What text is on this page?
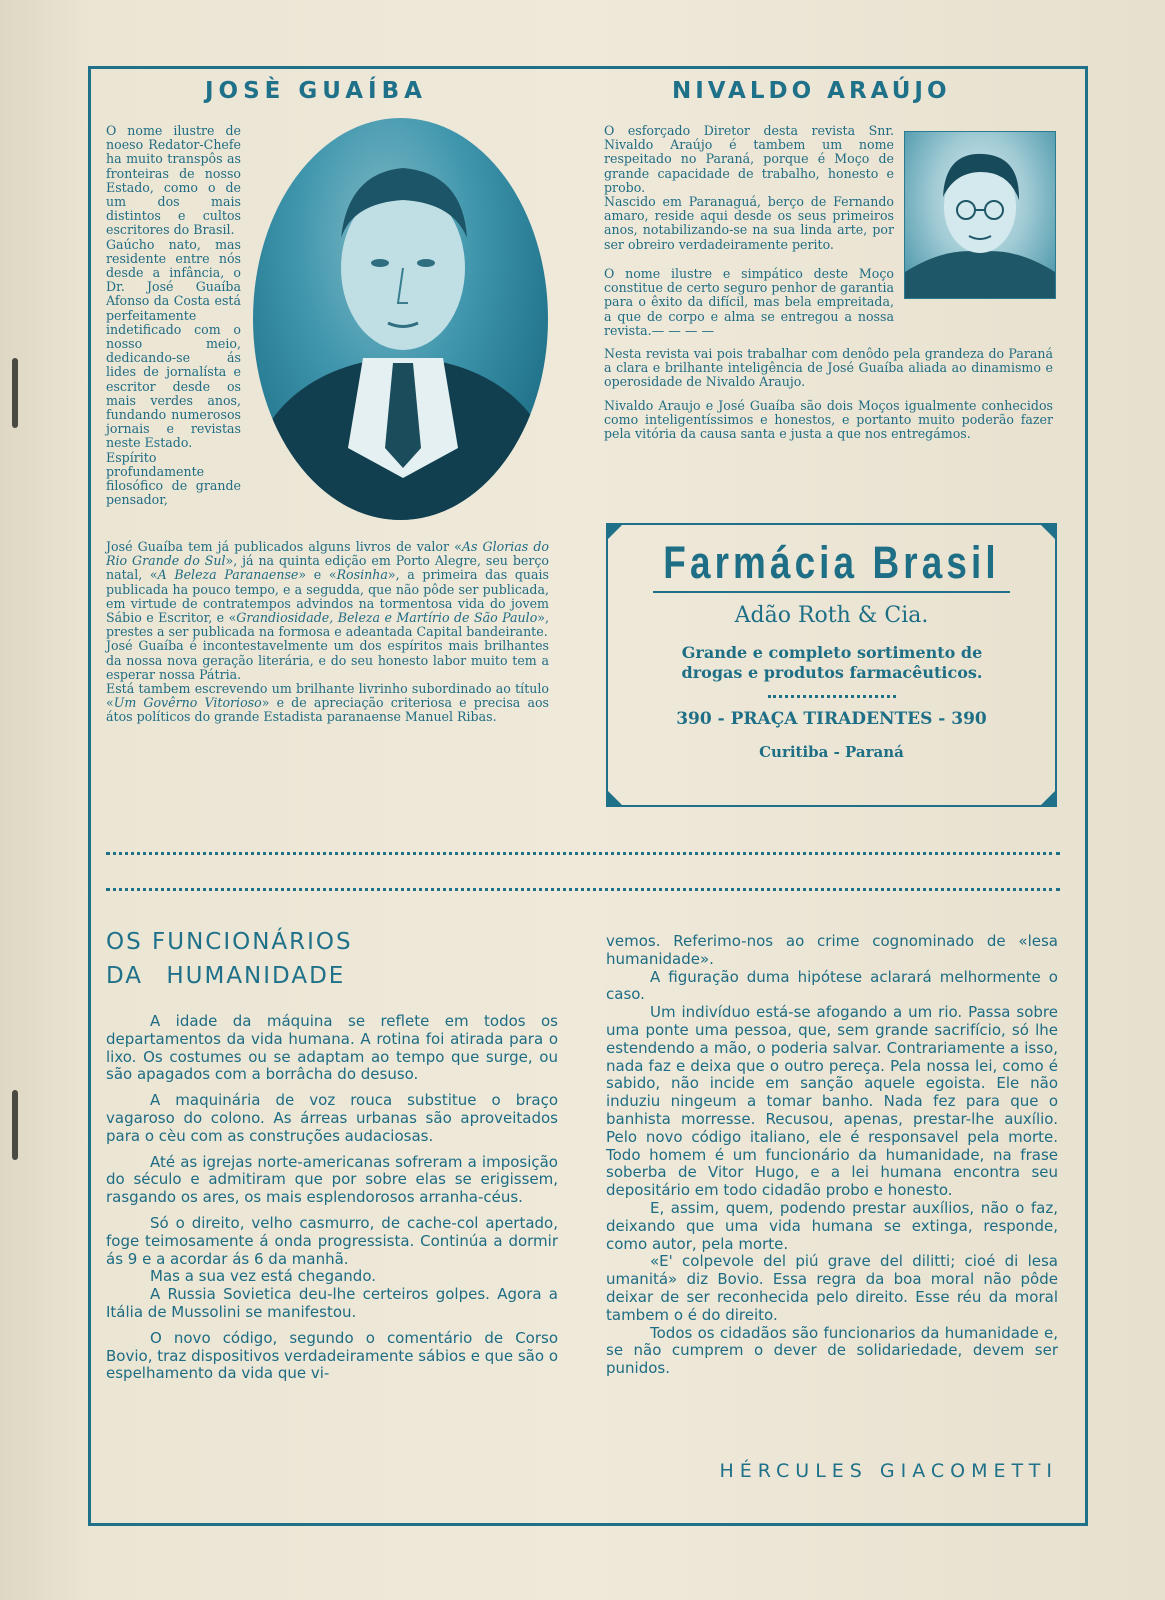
JOSÈ GUAÍBA

O nome ilustre de noeso Redator-Chefe ha muito transpôs as fronteiras de nosso Estado, como o de um dos mais distintos e cultos escritores do Brasil.

Gaúcho nato, mas residente entre nós desde a infância, o Dr. José Guaíba Afonso da Costa está perfeitamente indetificado com o nosso meio, dedicando-se ás lides de jornalísta e escritor desde os mais verdes anos, fundando numerosos jornais e revistas neste Estado.

Espírito profundamente filosófico de grande pensador,

José Guaíba tem já publicados alguns livros de valor «As Glorias do Rio Grande do Sul», já na quinta edição em Porto Alegre, seu berço natal, «A Beleza Paranaense» e «Rosinha», a primeira das quais publicada ha pouco tempo, e a segudda, que não pôde ser publicada, em virtude de contratempos advindos na tormentosa vida do jovem Sábio e Escritor, e «Grandiosidade, Beleza e Martírio de São Paulo», prestes a ser publicada na formosa e adeantada Capital bandeirante.

José Guaíba é incontestavelmente um dos espíritos mais brilhantes da nossa nova geração literária, e do seu honesto labor muito tem a esperar nossa Pátria.

Está tambem escrevendo um brilhante livrinho subordinado ao título «Um Govêrno Vitorioso» e de apreciação criteriosa e precisa aos átos políticos do grande Estadista paranaense Manuel Ribas.

NIVALDO ARAÚJO

O esforçado Diretor desta revista Snr. Nivaldo Araújo é tambem um nome respeitado no Paraná, porque é Moço de grande capacidade de trabalho, honesto e probo.

Nascido em Paranaguá, berço de Fernando amaro, reside aqui desde os seus primeiros anos, notabilizando-se na sua linda arte, por ser obreiro verdadeiramente perito.

O nome ilustre e simpático deste Moço constitue de certo seguro penhor de garantia para o êxito da difícil, mas bela empreitada, a que de corpo e alma se entregou a nossa revista.— — — —

Nesta revista vai pois trabalhar com denôdo pela grandeza do Paraná a clara e brilhante inteligência de José Guaíba aliada ao dinamismo e operosidade de Nivaldo Araujo.

Nivaldo Araujo e José Guaíba são dois Moços igualmente conhecidos como inteligentíssimos e honestos, e portanto muito poderão fazer pela vitória da causa santa e justa a que nos entregámos.

Farmácia Brasil
Adão Roth & Cia.
Grande e completo sortimento de drogas e produtos farmacêuticos.
390 - PRAÇA TIRADENTES - 390
Curitiba - Paraná
OS FUNCIONÁRIOS
DA HUMANIDADE

A idade da máquina se reflete em todos os departamentos da vida humana. A rotina foi atirada para o lixo. Os costumes ou se adaptam ao tempo que surge, ou são apagados com a borrâcha do desuso.

A maquinária de voz rouca substitue o braço vagaroso do colono. As árreas urbanas são aproveitados para o cèu com as construções audaciosas.

Até as igrejas norte-americanas sofreram a imposição do século e admitiram que por sobre elas se erigissem, rasgando os ares, os mais esplendorosos arranha-céus.

Só o direito, velho casmurro, de cache-col apertado, foge teimosamente á onda progressista. Continúa a dormir ás 9 e a acordar ás 6 da manhã.

Mas a sua vez está chegando.

A Russia Sovietica deu-lhe certeiros golpes. Agora a Itália de Mussolini se manifestou.

O novo código, segundo o comentário de Corso Bovio, traz dispositivos verdadeiramente sábios e que são o espelhamento da vida que vi-

vemos. Referimo-nos ao crime cognominado de «lesa humanidade».

A figuração duma hipótese aclarará melhormente o caso.

Um indivíduo está-se afogando a um rio. Passa sobre uma ponte uma pessoa, que, sem grande sacrifício, só lhe estendendo a mão, o poderia salvar. Contrariamente a isso, nada faz e deixa que o outro pereça. Pela nossa lei, como é sabido, não incide em sanção aquele egoista. Ele não induziu ningeum a tomar banho. Nada fez para que o banhista morresse. Recusou, apenas, prestar-lhe auxílio. Pelo novo código italiano, ele é responsavel pela morte. Todo homem é um funcionário da humanidade, na frase soberba de Vitor Hugo, e a lei humana encontra seu depositário em todo cidadão probo e honesto.

E, assim, quem, podendo prestar auxílios, não o faz, deixando que uma vida humana se extinga, responde, como autor, pela morte.

«E' colpevole del piú grave del dilitti; cioé di lesa umanitá» diz Bovio. Essa regra da boa moral não pôde deixar de ser reconhecida pelo direito. Esse réu da moral tambem o é do direito.

Todos os cidadãos são funcionarios da humanidade e, se não cumprem o dever de solidariedade, devem ser punidos.

HÉRCULES GIACOMETTI
